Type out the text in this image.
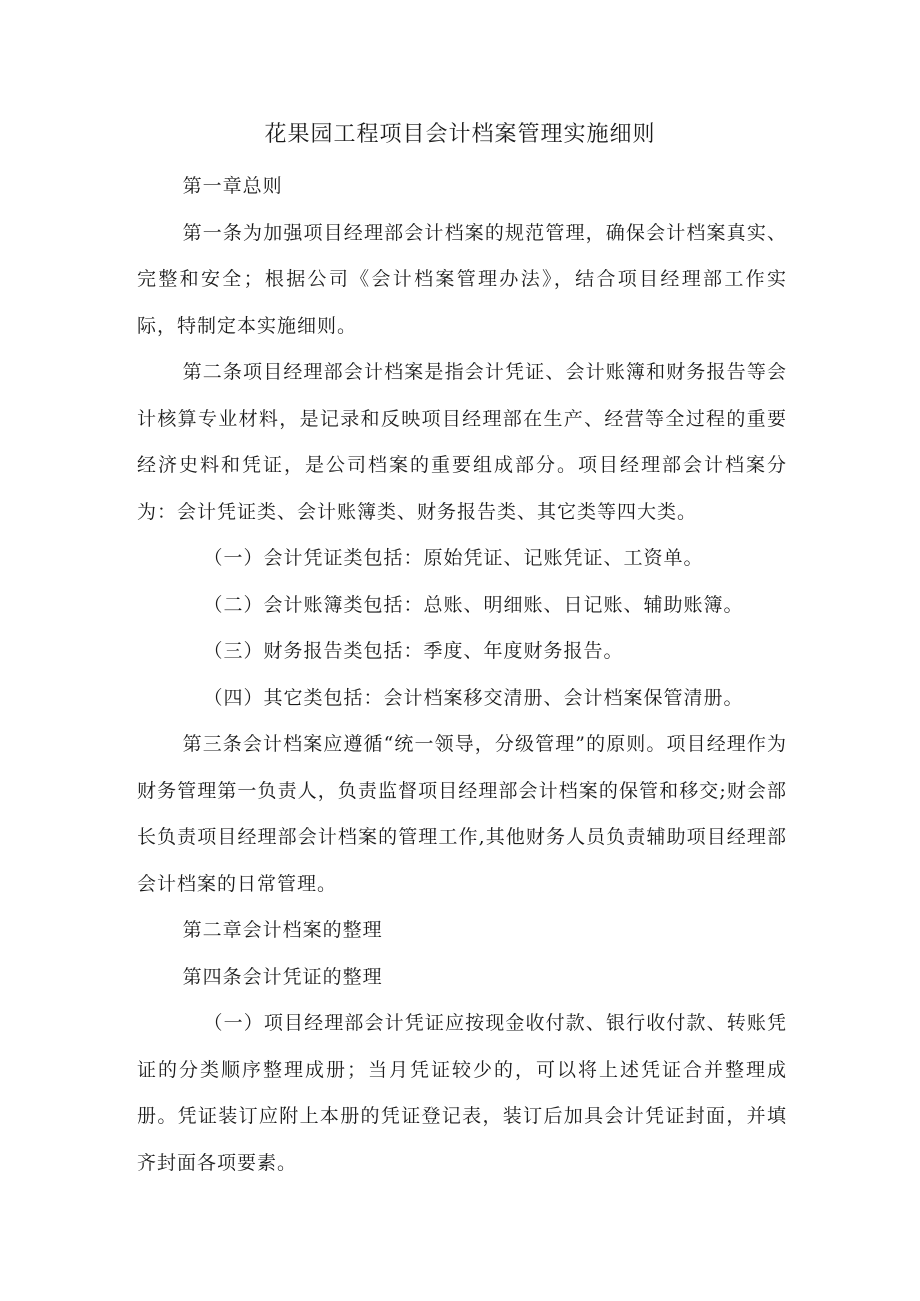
花果园工程项目会计档案管理实施细则

第一章总则

第一条为加强项目经理部会计档案的规范管理，确保会计档案真实、完整和安全；根据公司《会计档案管理办法》，结合项目经理部工作实际，特制定本实施细则。

第二条项目经理部会计档案是指会计凭证、会计账簿和财务报告等会计核算专业材料，是记录和反映项目经理部在生产、经营等全过程的重要经济史料和凭证，是公司档案的重要组成部分。项目经理部会计档案分为：会计凭证类、会计账簿类、财务报告类、其它类等四大类。

（一）会计凭证类包括：原始凭证、记账凭证、工资单。

（二）会计账簿类包括：总账、明细账、日记账、辅助账簿。

（三）财务报告类包括：季度、年度财务报告。

（四）其它类包括：会计档案移交清册、会计档案保管清册。

第三条会计档案应遵循“统一领导，分级管理”的原则。项目经理作为财务管理第一负责人，负责监督项目经理部会计档案的保管和移交;财会部长负责项目经理部会计档案的管理工作,其他财务人员负责辅助项目经理部会计档案的日常管理。

第二章会计档案的整理

第四条会计凭证的整理

（一）项目经理部会计凭证应按现金收付款、银行收付款、转账凭证的分类顺序整理成册；当月凭证较少的，可以将上述凭证合并整理成册。凭证装订应附上本册的凭证登记表，装订后加具会计凭证封面，并填齐封面各项要素。
